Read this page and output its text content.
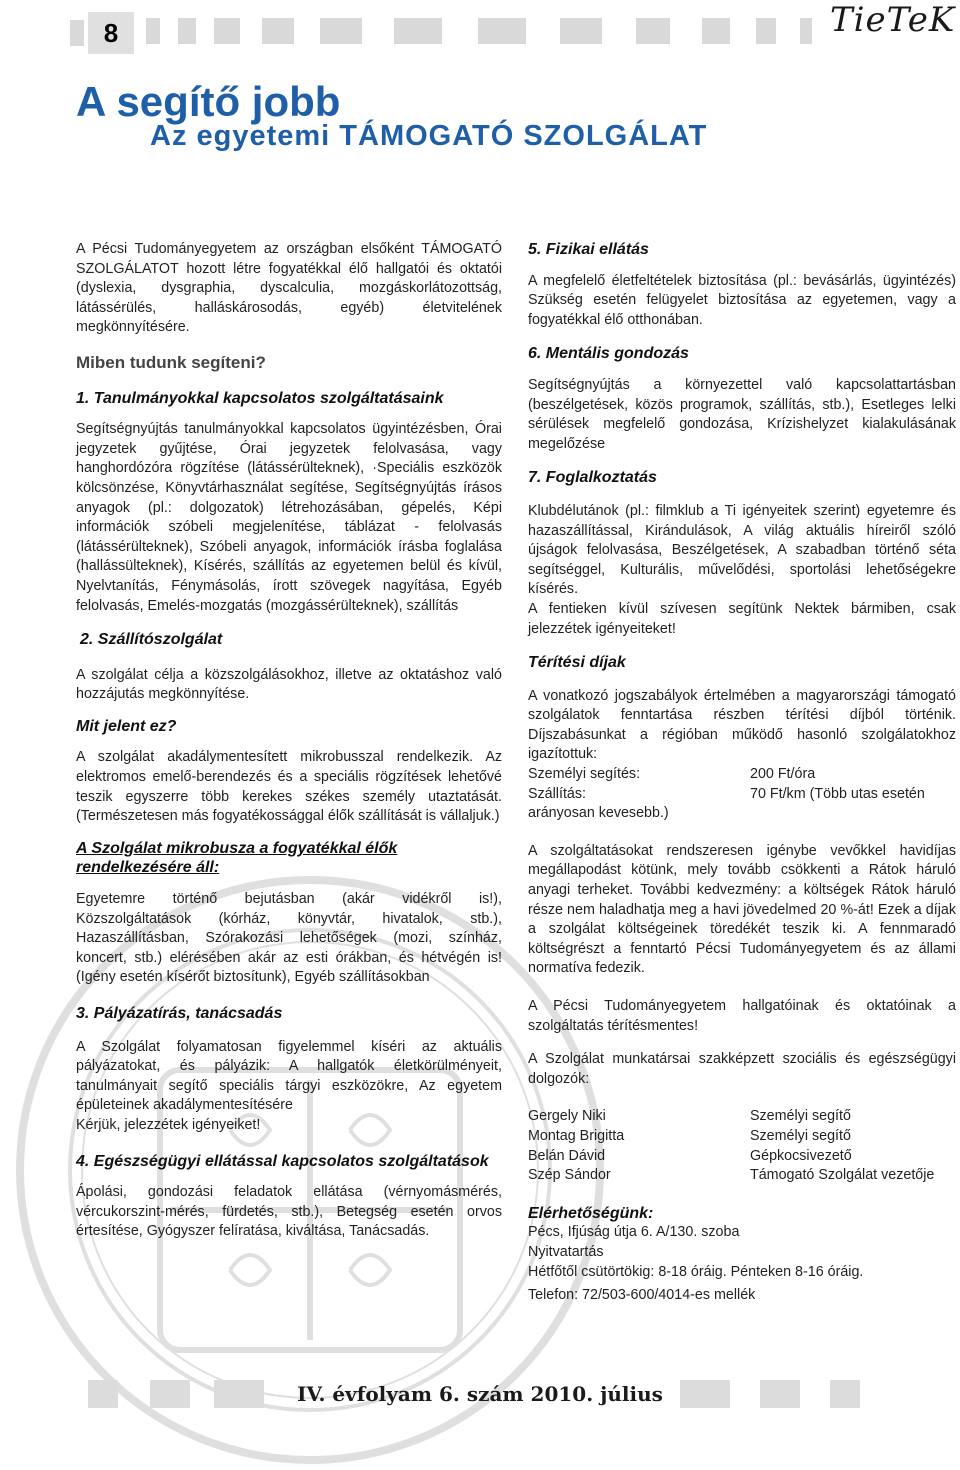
8	TieTeK
A segítő jobb
Az egyetemi TÁMOGATÓ SZOLGÁLAT

A Pécsi Tudományegyetem az országban elsőként TÁMOGATÓ SZOLGÁLATOT hozott létre fogyatékkal élő hallgatói és oktatói (dyslexia, dysgraphia, dyscalculia, mozgáskorlátozottság, látássérülés, halláskárosodás, egyéb) életvitelének megkönnyítésére.

Miben tudunk segíteni?
1. Tanulmányokkal kapcsolatos szolgáltatásaink

Segítségnyújtás tanulmányokkal kapcsolatos ügyintézésben, Órai jegyzetek gyűjtése, Órai jegyzetek felolvasása, vagy hanghordózóra rögzítése (látássérülteknek), ·Speciális eszközök kölcsönzése, Könyvtárhasználat segítése, Segítségnyújtás írásos anyagok (pl.: dolgozatok) létrehozásában, gépelés, Képi információk szóbeli megjelenítése, táblázat - felolvasás (látássérülteknek), Szóbeli anyagok, információk írásba foglalása (hallássülteknek), Kísérés, szállítás az egyetemen belül és kívül, Nyelvtanítás, Fénymásolás, írott szövegek nagyítása, Egyéb felolvasás, Emelés-mozgatás (mozgássérülteknek), szállítás

2. Szállítószolgálat

A szolgálat célja a közszolgálásokhoz, illetve az oktatáshoz való hozzájutás megkönnyítése.

Mit jelent ez?

A szolgálat akadálymentesített mikrobusszal rendelkezik. Az elektromos emelő-berendezés és a speciális rögzítések lehetővé teszik egyszerre több kerekes székes személy utaztatását. (Természetesen más fogyatékossággal élők szállítását is vállaljuk.)

A Szolgálat mikrobusza a fogyatékkal élők rendelkezésére áll:

Egyetemre történő bejutásban (akár vidékről is!), Közszolgáltatások (kórház, könyvtár, hivatalok, stb.), Hazaszállításban, Szórakozási lehetőségek (mozi, színház, koncert, stb.) elérésében akár az esti órákban, és hétvégén is! (Igény esetén kísérőt biztosítunk), Egyéb szállításokban

3. Pályázatírás, tanácsadás

A Szolgálat folyamatosan figyelemmel kíséri az aktuális pályázatokat, és pályázik: A hallgatók életkörülményeit, tanulmányait segítő speciális tárgyi eszközökre, Az egyetem épületeinek akadálymentesítésére

Kérjük, jelezzétek igényeiket!

4. Egészségügyi ellátással kapcsolatos szolgáltatások

Ápolási, gondozási feladatok ellátása (vérnyomásmérés, vércukorszint-mérés, fürdetés, stb.), Betegség esetén orvos értesítése, Gyógyszer felíratása, kiváltása, Tanácsadás.

5. Fizikai ellátás

A megfelelő életfeltételek biztosítása (pl.: bevásárlás, ügyintézés) Szükség esetén felügyelet biztosítása az egyetemen, vagy a fogyatékkal élő otthonában.

6. Mentális gondozás

Segítségnyújtás a környezettel való kapcsolattartásban (beszélgetések, közös programok, szállítás, stb.), Esetleges lelki sérülések megfelelő gondozása, Krízishelyzet kialakulásának megelőzése

7. Foglalkoztatás

Klubdélutánok (pl.: filmklub a Ti igényeitek szerint) egyetemre és hazaszállítással, Kirándulások, A világ aktuális híreiről szóló újságok felolvasása, Beszélgetések, A szabadban történő séta segítséggel, Kulturális, művelődési, sportolási lehetőségekre kísérés.

A fentieken kívül szívesen segítünk Nektek bármiben, csak jelezzétek igényeiteket!

Térítési díjak

A vonatkozó jogszabályok értelmében a magyarországi támogató szolgálatok fenntartása részben térítési díjból történik. Díjszabásunkat a régióban működő hasonló szolgálatokhoz igazítottuk:

Személyi segítés:	200 Ft/óra
Szállítás:	70 Ft/km (Több utas esetén
arányosan kevesebb.)

A szolgáltatásokat rendszeresen igénybe vevőkkel havidíjas megállapodást kötünk, mely tovább csökkenti a Rátok háruló anyagi terheket. További kedvezmény: a költségek Rátok háruló része nem haladhatja meg a havi jövedelmed 20 %-át! Ezek a díjak a szolgálat költségeinek töredékét teszik ki. A fennmaradó költségrészt a fenntartó Pécsi Tudományegyetem és az állami normatíva fedezik.

A Pécsi Tudományegyetem hallgatóinak és oktatóinak a szolgáltatás térítésmentes!

A Szolgálat munkatársai szakképzett szociális és egészségügyi dolgozók:

Gergely Niki	Személyi segítő
Montag Brigitta	Személyi segítő
Belán Dávid	Gépkocsivezető
Szép Sándor	Támogató Szolgálat vezetője
Elérhetőségünk:
Pécs, Ifjúság útja 6. A/130. szoba
Nyitvatartás
Hétfőtől csütörtökig: 8-18 óráig. Pénteken 8-16 óráig.
Telefon: 72/503-600/4014-es mellék
IV. évfolyam 6. szám 2010. július
